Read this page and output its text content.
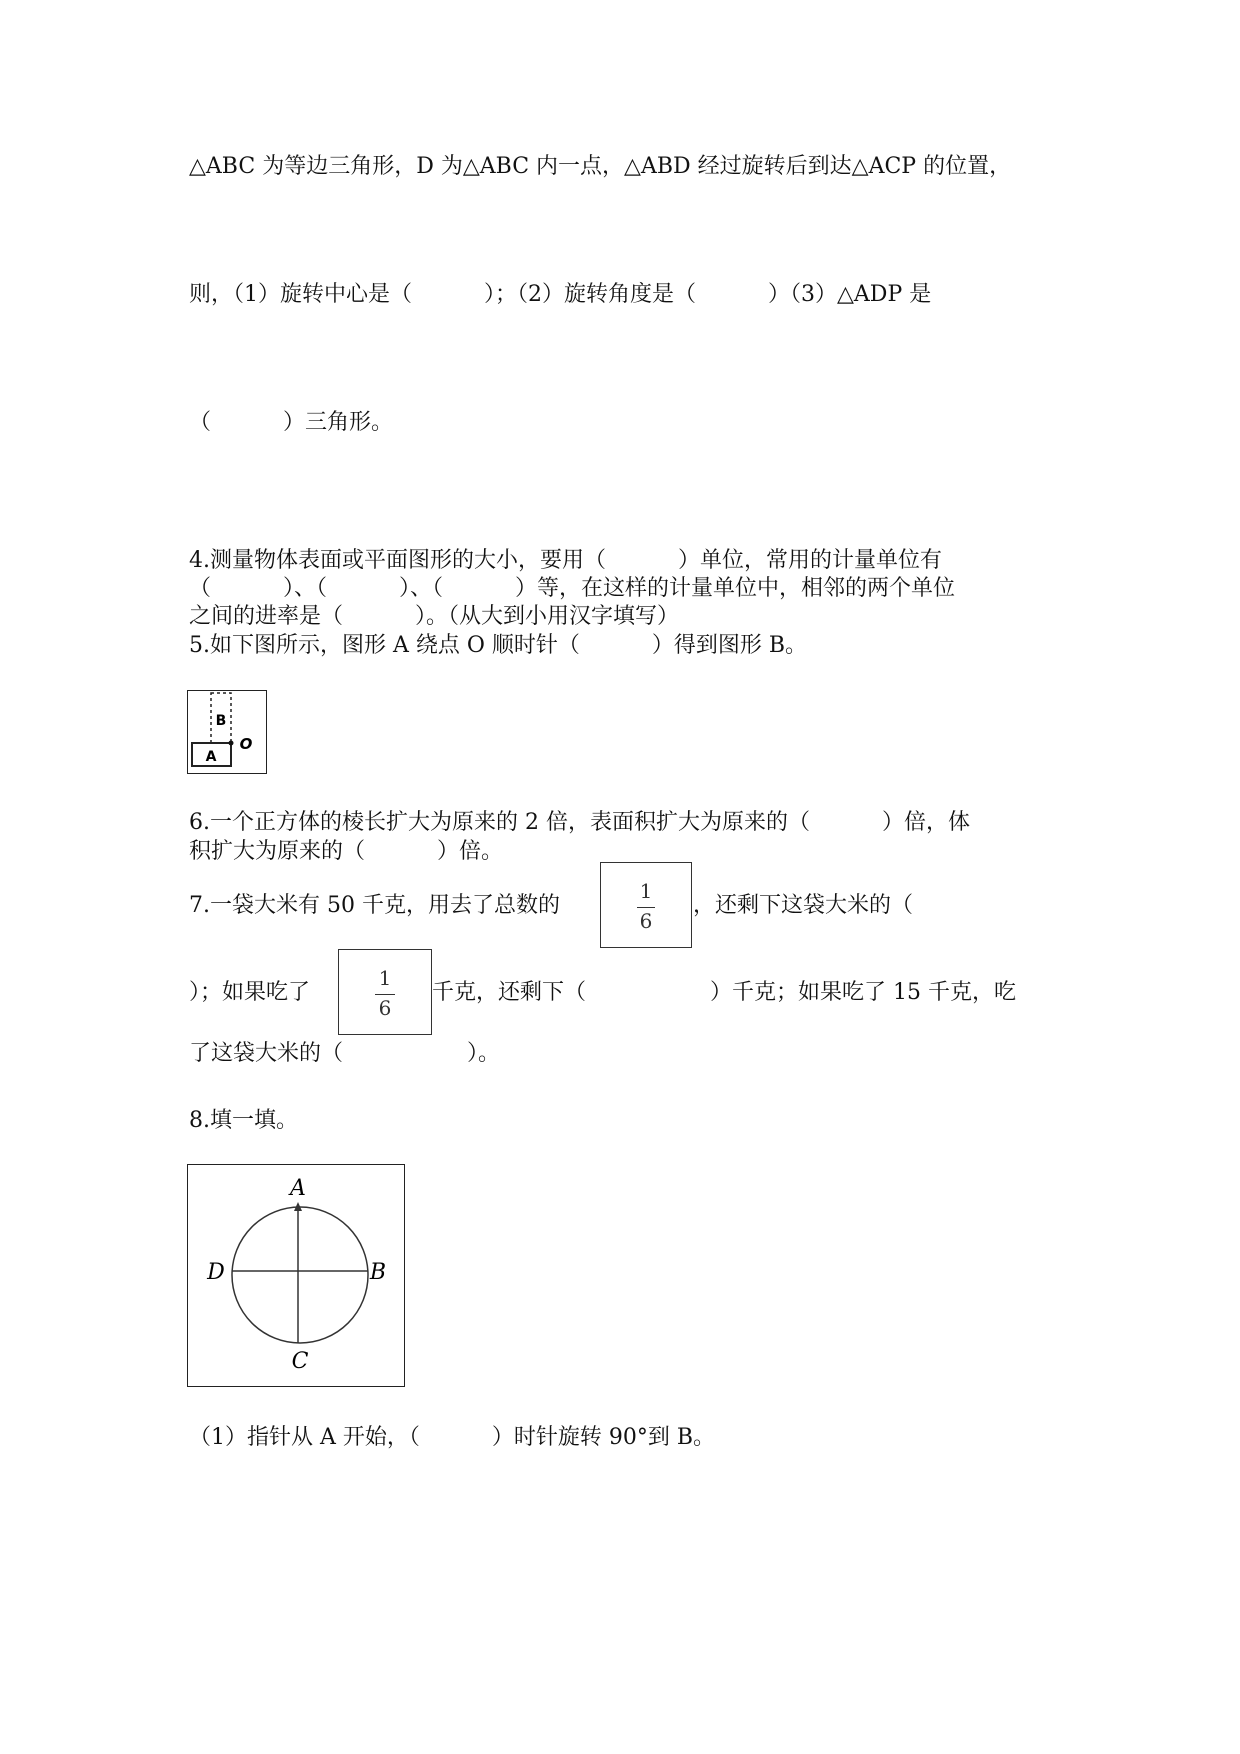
△ABC 为等边三角形，D 为△ABC 内一点，△ABD 经过旋转后到达△ACP 的位置，
则，（1）旋转中心是（	）；（2）旋转角度是（	）（3）△ADP 是
（	）三角形。
4.测量物体表面或平面图形的大小，要用（	）单位，常用的计量单位有
（	）、（	）、（	）等，在这样的计量单位中，相邻的两个单位
之间的进率是（	）。（从大到小用汉字填写）
5.如下图所示，图形 A 绕点 O 顺时针（	）得到图形 B。
B
A
O
6.一个正方体的棱长扩大为原来的 2 倍，表面积扩大为原来的（	）倍，体
积扩大为原来的（	）倍。
7.一袋大米有 50 千克，用去了总数的
1
6
，还剩下这袋大米的（
）；如果吃了
1
6
千克，还剩下（	）千克；如果吃了 15 千克，吃
了这袋大米的（	）。
8.填一填。
A
B
C
D
（1）指针从 A 开始，（	）时针旋转 90°到 B。
